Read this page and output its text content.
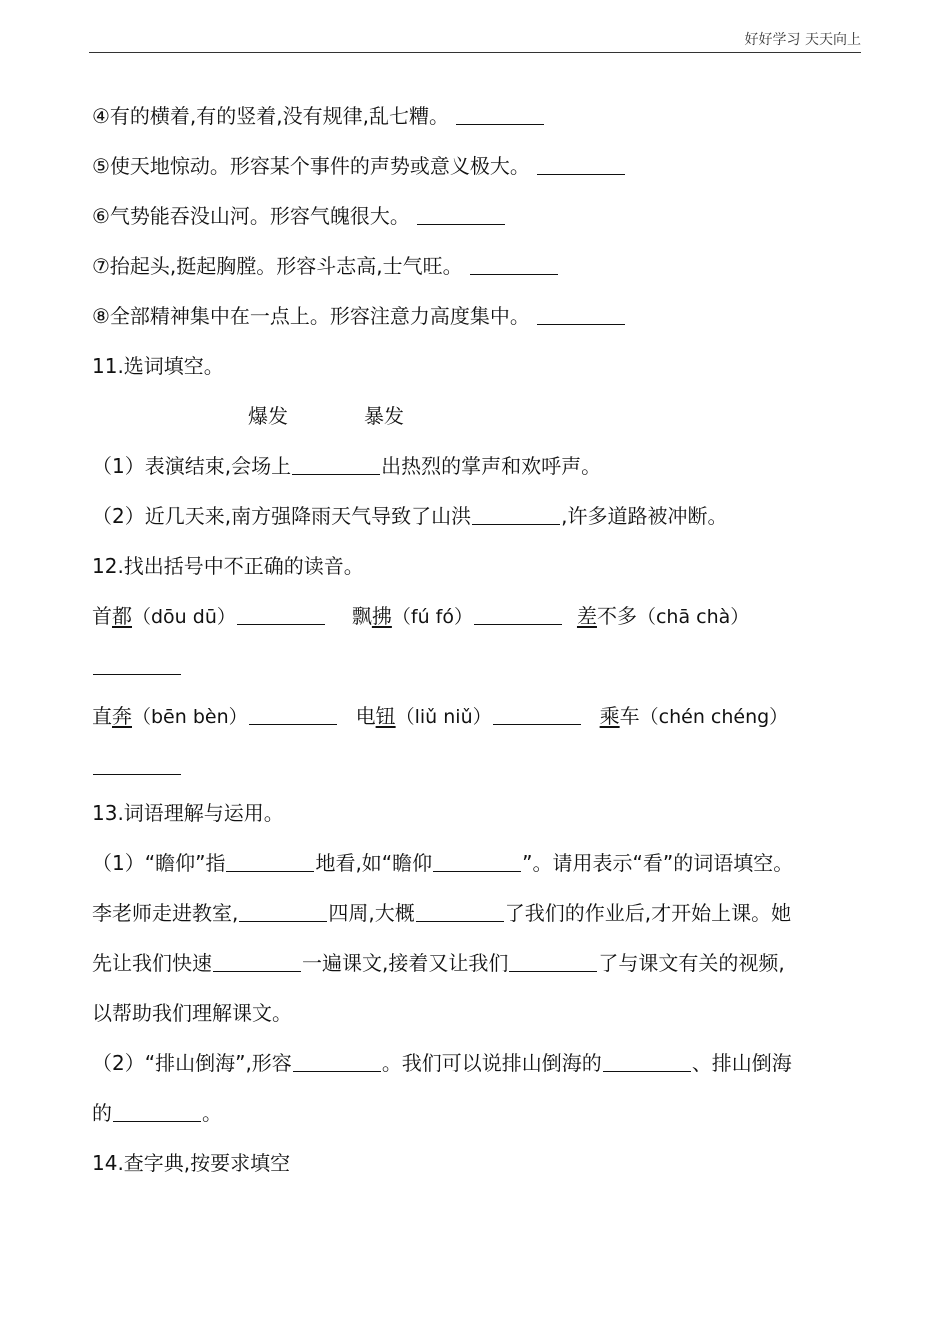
好好学习 天天向上
④有的横着,有的竖着,没有规律,乱七糟。
⑤使天地惊动。形容某个事件的声势或意义极大。
⑥气势能吞没山河。形容气魄很大。
⑦抬起头,挺起胸膛。形容斗志高,士气旺。
⑧全部精神集中在一点上。形容注意力高度集中。
11.选词填空。
爆发	暴发
（1）表演结束,会场上	出热烈的掌声和欢呼声。
（2）近几天来,南方强降雨天气导致了山洪	,许多道路被冲断。
12.找出括号中不正确的读音。
首都（dōu dū）	飘拂（fú fó）	差不多（chā chà）
直奔（bēn bèn）	电钮（liǔ niǔ）	乘车（chén chéng）
13.词语理解与运用。
（1）“瞻仰”指	地看,如“瞻仰	”。请用表示“看”的词语填空。
李老师走进教室,	四周,大概	了我们的作业后,才开始上课。她
先让我们快速	一遍课文,接着又让我们	了与课文有关的视频,
以帮助我们理解课文。
（2）“排山倒海”,形容	。我们可以说排山倒海的	、排山倒海
的	。
14.查字典,按要求填空
